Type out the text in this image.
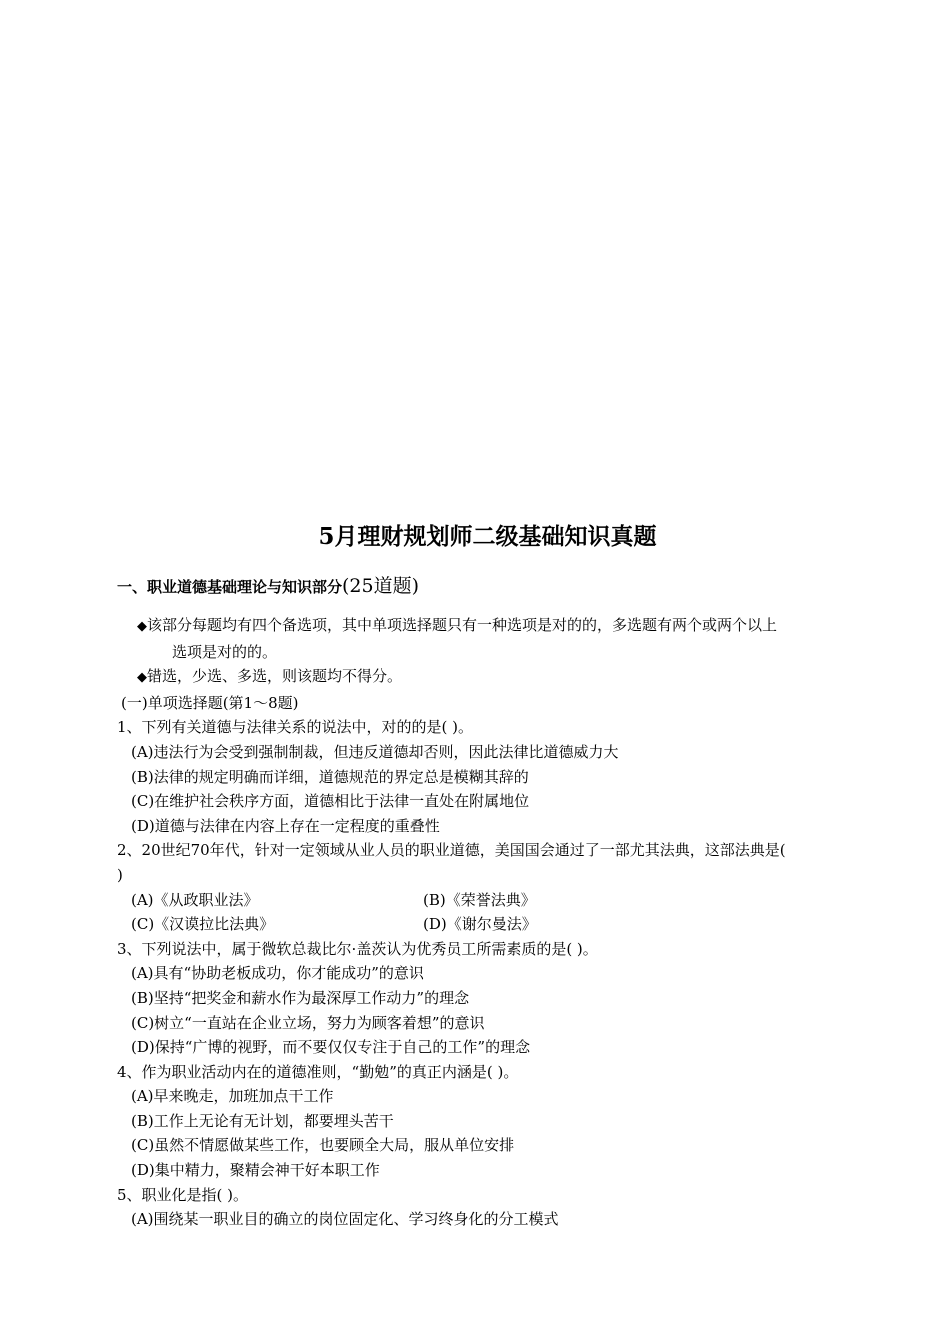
5月理财规划师二级基础知识真题
一、职业道德基础理论与知识部分(25道题)
◆该部分每题均有四个备选项，其中单项选择题只有一种选项是对的的，多选题有两个或两个以上
选项是对的的。
◆错选，少选、多选，则该题均不得分。
(一)单项选择题(第1～8题)
1、下列有关道德与法律关系的说法中，对的的是( )。
(A)违法行为会受到强制制裁，但违反道德却否则，因此法律比道德威力大
(B)法律的规定明确而详细，道德规范的界定总是模糊其辞的
(C)在维护社会秩序方面，道德相比于法律一直处在附属地位
(D)道德与法律在内容上存在一定程度的重叠性
2、20世纪70年代，针对一定领域从业人员的职业道德，美国国会通过了一部尤其法典，这部法典是(
)
(A)《从政职业法》	(B)《荣誉法典》
(C)《汉谟拉比法典》	(D)《谢尔曼法》
3、下列说法中，属于微软总裁比尔·盖茨认为优秀员工所需素质的是( )。
(A)具有“协助老板成功，你才能成功”的意识
(B)坚持“把奖金和薪水作为最深厚工作动力”的理念
(C)树立“一直站在企业立场，努力为顾客着想”的意识
(D)保持“广博的视野，而不要仅仅专注于自己的工作”的理念
4、作为职业活动内在的道德准则，“勤勉”的真正内涵是( )。
(A)早来晚走，加班加点干工作
(B)工作上无论有无计划，都要埋头苦干
(C)虽然不情愿做某些工作，也要顾全大局，服从单位安排
(D)集中精力，聚精会神干好本职工作
5、职业化是指( )。
(A)围绕某一职业目的确立的岗位固定化、学习终身化的分工模式
